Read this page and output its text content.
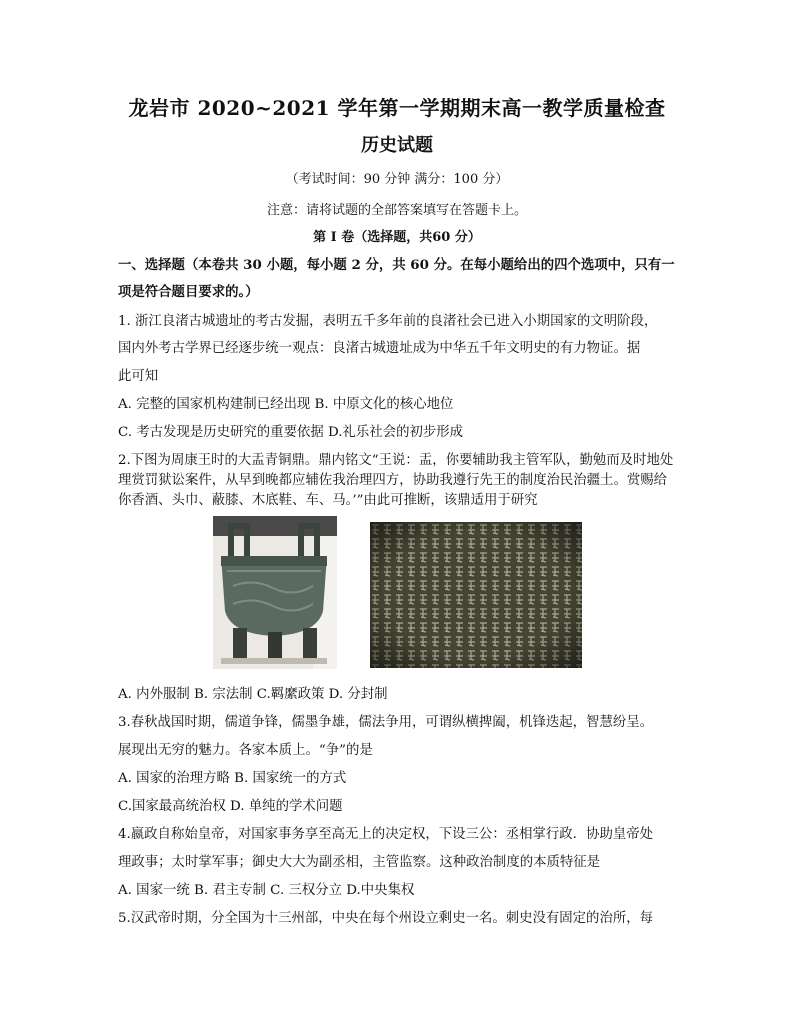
龙岩市 2020~2021 学年第一学期期末高一教学质量检查
历史试题
（考试时间：90 分钟 满分：100 分）
注意：请将试题的全部答案填写在答题卡上。
第 I 卷（选择题，共60 分）
一、选择题（本卷共 30 小题，每小题 2 分，共 60 分。在每小题给出的四个选项中，只有一
项是符合题目要求的。）
1. 浙江良渚古城遗址的考古发掘，表明五千多年前的良渚社会已进入小期国家的文明阶段，
国内外考古学界已经逐步统一观点：良渚古城遗址成为中华五千年文明史的有力物证。据
此可知
A. 完整的国家机构建制已经出现 B. 中原文化的核心地位
C. 考古发现是历史研究的重要依据 D.礼乐社会的初步形成
2.下图为周康王时的大盂青铜鼎。鼎内铭文“王说：盂，你要辅助我主管军队，勤勉而及时地处
理赏罚狱讼案件，从早到晚都应辅佐我治理四方，协助我遵行先王的制度治民治疆土。赏赐给
你香酒、头巾、蔽膝、木底鞋、车、马。’”由此可推断，该鼎适用于研究
A. 内外服制 B. 宗法制 C.羁縻政策 D. 分封制
3.春秋战国时期，儒道争锋，儒墨争雄，儒法争用，可谓纵横捭阖，机锋迭起，智慧纷呈。
展现出无穷的魅力。各家本质上。“争”的是
A. 国家的治理方略 B. 国家统一的方式
C.国家最高统治权 D. 单纯的学术问题
4.嬴政自称始皇帝，对国家事务享至高无上的决定权，下设三公：丞相掌行政．协助皇帝处
理政事；太时掌军事；御史大大为副丞相，主管监察。这种政治制度的本质特征是
A. 国家一统 B. 君主专制 C. 三权分立 D.中央集权
5.汉武帝时期，分全国为十三州部，中央在每个州设立剩史一名。刺史没有固定的治所，每
